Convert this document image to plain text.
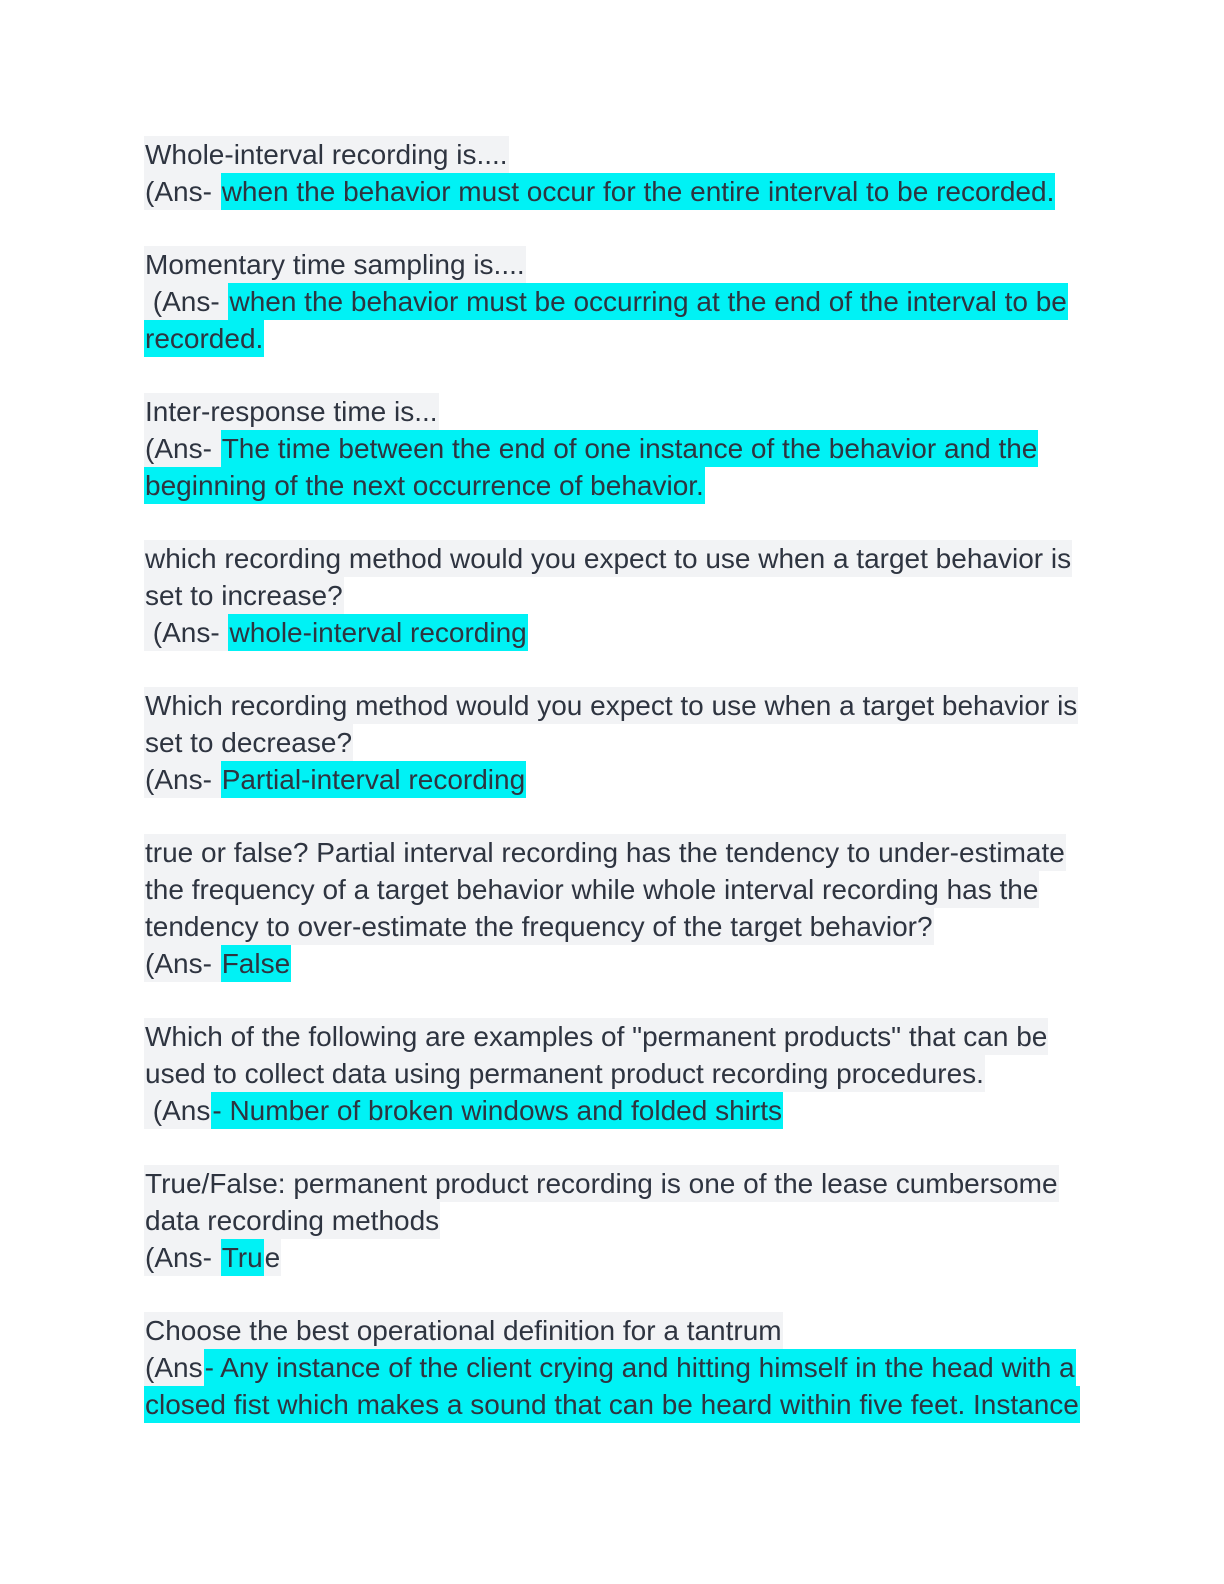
Whole-interval recording is....
(Ans- when the behavior must occur for the entire interval to be recorded.
Momentary time sampling is....
(Ans- when the behavior must be occurring at the end of the interval to be
recorded.
Inter-response time is...
(Ans- The time between the end of one instance of the behavior and the
beginning of the next occurrence of behavior.
which recording method would you expect to use when a target behavior is
set to increase?
(Ans- whole-interval recording
Which recording method would you expect to use when a target behavior is
set to decrease?
(Ans- Partial-interval recording
true or false? Partial interval recording has the tendency to under-estimate
the frequency of a target behavior while whole interval recording has the
tendency to over-estimate the frequency of the target behavior?
(Ans- False
Which of the following are examples of "permanent products" that can be
used to collect data using permanent product recording procedures.
(Ans- Number of broken windows and folded shirts
True/False: permanent product recording is one of the lease cumbersome
data recording methods
(Ans- True
Choose the best operational definition for a tantrum
(Ans- Any instance of the client crying and hitting himself in the head with a
closed fist which makes a sound that can be heard within five feet. Instance
